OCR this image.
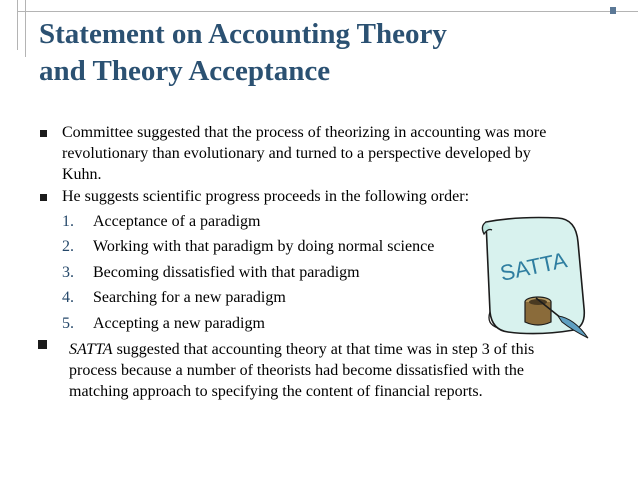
Statement on Accounting Theory
and Theory Acceptance
Committee suggested that the process of theorizing in accounting was more
revolutionary than evolutionary and turned to a perspective developed by
Kuhn.
He suggests scientific progress proceeds in the following order:
1. Acceptance of a paradigm
2. Working with that paradigm by doing normal science
3. Becoming dissatisfied with that paradigm
4. Searching for a new paradigm
5. Accepting a new paradigm
SATTA suggested that accounting theory at that time was in step 3 of this
process because a number of theorists had become dissatisfied with the
matching approach to specifying the content of financial reports.
SATTA
